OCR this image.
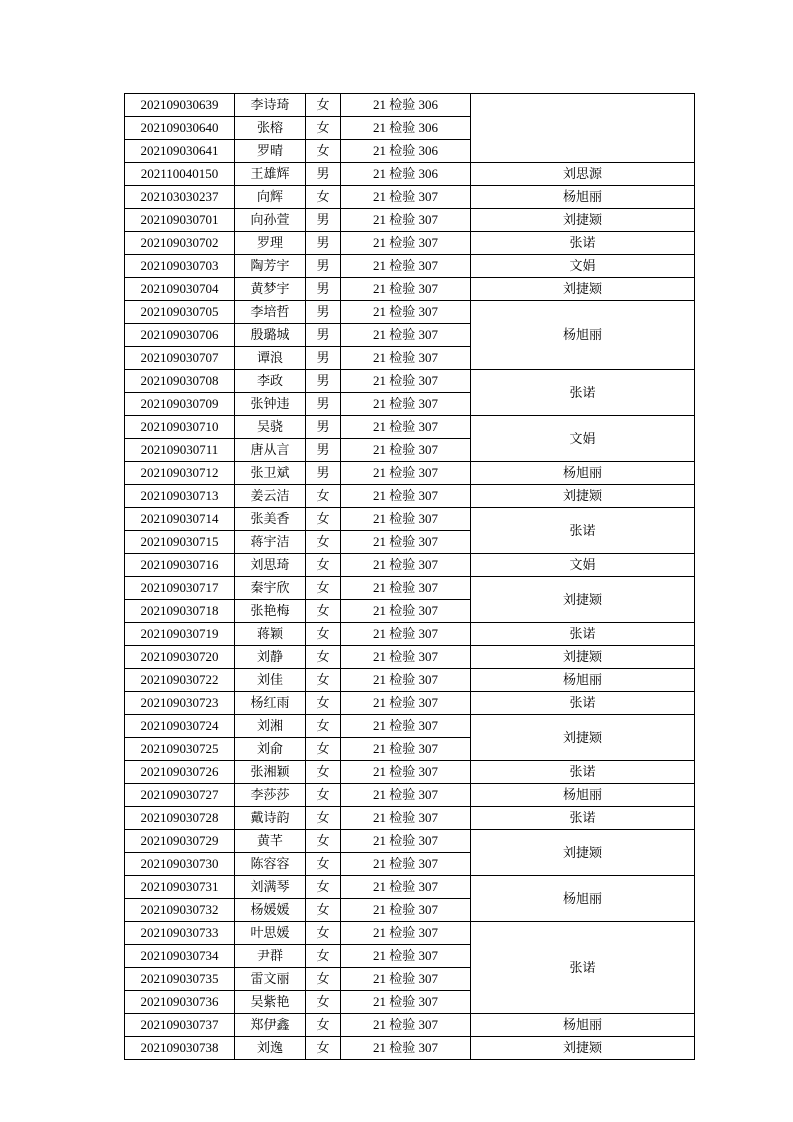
202109030639	李诗琦	女	21 检验 306	
202109030640	张榕	女	21 检验 306	
202109030641	罗晴	女	21 检验 306	
202110040150	王雄辉	男	21 检验 306	刘思源
202103030237	向辉	女	21 检验 307	杨旭丽
202109030701	向孙萱	男	21 检验 307	刘捷颎
202109030702	罗理	男	21 检验 307	张诺
202109030703	陶芳宇	男	21 检验 307	文娟
202109030704	黄梦宇	男	21 检验 307	刘捷颎
202109030705	李培哲	男	21 检验 307	杨旭丽
202109030706	殷璐城	男	21 检验 307	
202109030707	谭浪	男	21 检验 307	
202109030708	李政	男	21 检验 307	张诺
202109030709	张钟违	男	21 检验 307	
202109030710	吴骁	男	21 检验 307	文娟
202109030711	唐从言	男	21 检验 307	
202109030712	张卫斌	男	21 检验 307	杨旭丽
202109030713	姜云洁	女	21 检验 307	刘捷颎
202109030714	张美香	女	21 检验 307	张诺
202109030715	蒋宇洁	女	21 检验 307	
202109030716	刘思琦	女	21 检验 307	文娟
202109030717	秦宇欣	女	21 检验 307	刘捷颎
202109030718	张艳梅	女	21 检验 307	
202109030719	蒋颖	女	21 检验 307	张诺
202109030720	刘静	女	21 检验 307	刘捷颎
202109030722	刘佳	女	21 检验 307	杨旭丽
202109030723	杨红雨	女	21 检验 307	张诺
202109030724	刘湘	女	21 检验 307	刘捷颎
202109030725	刘俞	女	21 检验 307	
202109030726	张湘颖	女	21 检验 307	张诺
202109030727	李莎莎	女	21 检验 307	杨旭丽
202109030728	戴诗韵	女	21 检验 307	张诺
202109030729	黄芊	女	21 检验 307	刘捷颎
202109030730	陈容容	女	21 检验 307	
202109030731	刘满琴	女	21 检验 307	杨旭丽
202109030732	杨媛媛	女	21 检验 307	
202109030733	叶思媛	女	21 检验 307	张诺
202109030734	尹群	女	21 检验 307	
202109030735	雷文丽	女	21 检验 307	
202109030736	吴紫艳	女	21 检验 307	
202109030737	郑伊鑫	女	21 检验 307	杨旭丽
202109030738	刘逸	女	21 检验 307	刘捷颎
